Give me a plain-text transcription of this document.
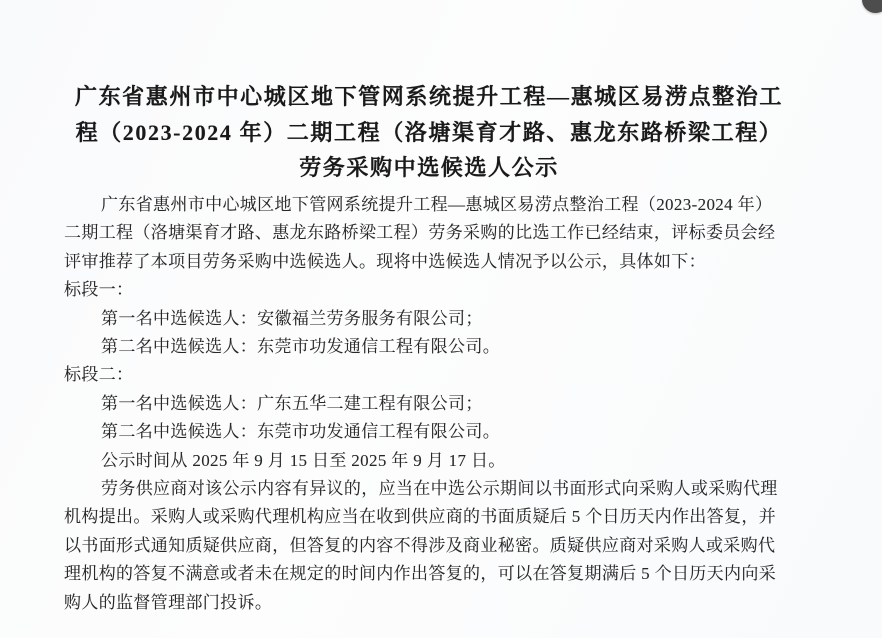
广东省惠州市中心城区地下管网系统提升工程—惠城区易涝点整治工
程（2023-2024 年）二期工程（洛塘渠育才路、惠龙东路桥梁工程）
劳务采购中选候选人公示
广东省惠州市中心城区地下管网系统提升工程—惠城区易涝点整治工程（2023-2024 年）
二期工程（洛塘渠育才路、惠龙东路桥梁工程）劳务采购的比选工作已经结束，评标委员会经
评审推荐了本项目劳务采购中选候选人。现将中选候选人情况予以公示，具体如下：
标段一：
第一名中选候选人：安徽福兰劳务服务有限公司；
第二名中选候选人：东莞市功发通信工程有限公司。
标段二：
第一名中选候选人：广东五华二建工程有限公司；
第二名中选候选人：东莞市功发通信工程有限公司。
公示时间从 2025 年 9 月 15 日至 2025 年 9 月 17 日。
劳务供应商对该公示内容有异议的，应当在中选公示期间以书面形式向采购人或采购代理
机构提出。采购人或采购代理机构应当在收到供应商的书面质疑后 5 个日历天内作出答复，并
以书面形式通知质疑供应商，但答复的内容不得涉及商业秘密。质疑供应商对采购人或采购代
理机构的答复不满意或者未在规定的时间内作出答复的，可以在答复期满后 5 个日历天内向采
购人的监督管理部门投诉。
